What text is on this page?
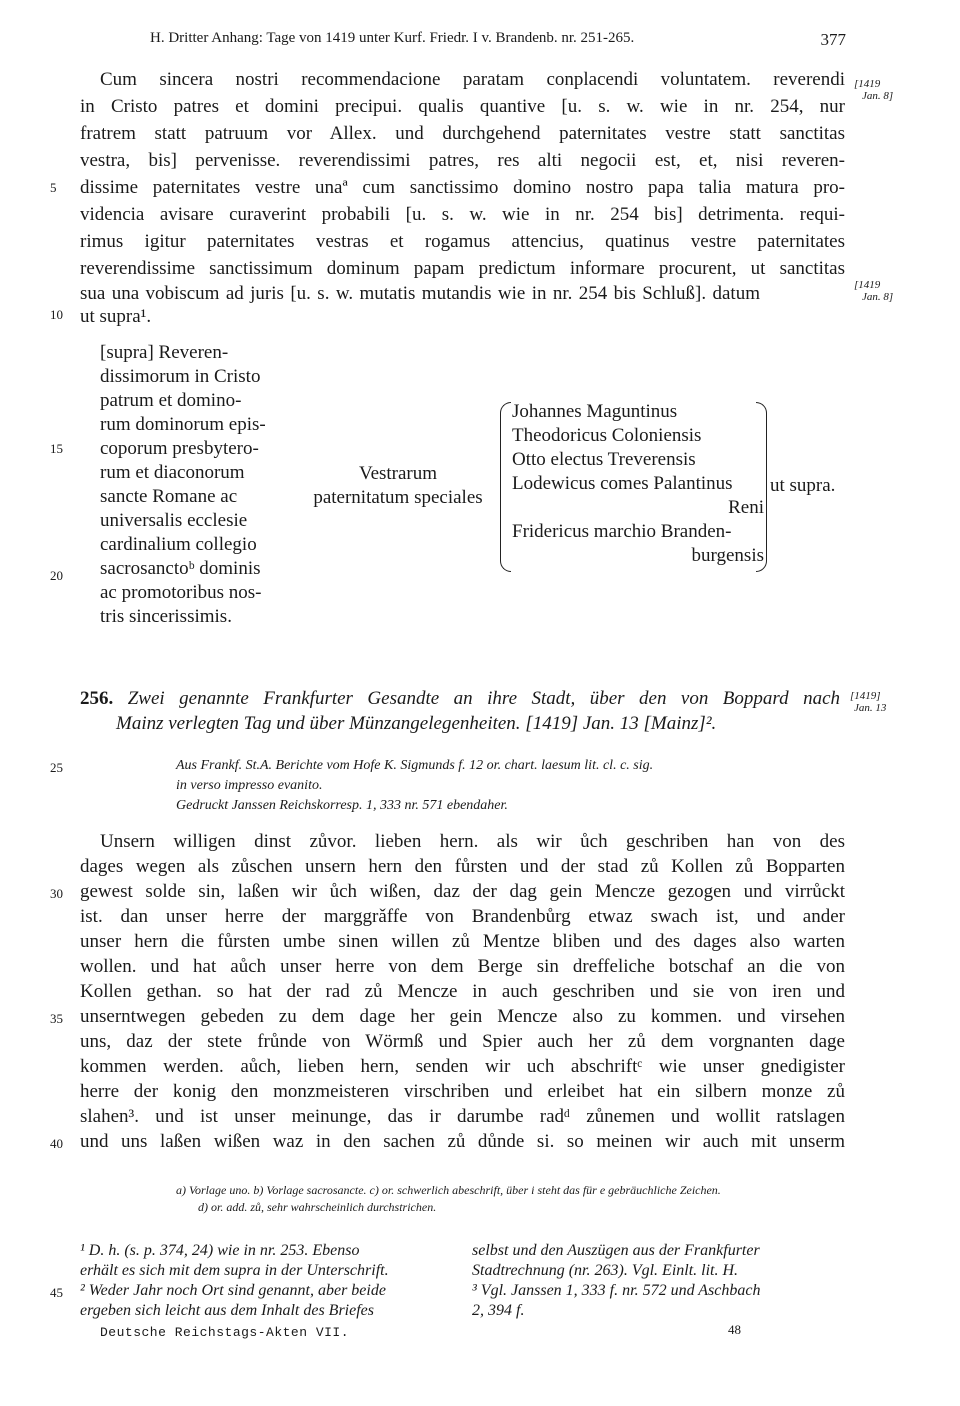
H. Dritter Anhang: Tage von 1419 unter Kurf. Friedr. I v. Brandenb. nr. 251-265.	377
Cum sincera nostri recommendacione paratam conplacendi voluntatem. reverendi
in Cristo patres et domini precipui. qualis quantive [u. s. w. wie in nr. 254, nur
fratrem statt patruum vor Allex. und durchgehend paternitates vestre statt sanctitas
vestra, bis] pervenisse. reverendissimi patres, res alti negocii est, et, nisi reveren-
dissime paternitates vestre unaª cum sanctissimo domino nostro papa talia matura pro-
videncia avisare curaverint probabili [u. s. w. wie in nr. 254 bis] detrimenta. requi-
rimus igitur paternitates vestras et rogamus attencius, quatinus vestre paternitates
reverendissime sanctissimum dominum papam predictum informare procurent, ut sanctitas
sua una vobiscum ad juris [u. s. w. mutatis mutandis wie in nr. 254 bis Schluß]. datum
ut supra¹.
[1419
Jan. 8]
[1419
Jan. 8]
[supra] Reveren-
dissimorum in Cristo
patrum et domino-
rum dominorum epis-
coporum presbytero-
rum et diaconorum
sancte Romane ac
universalis ecclesie
cardinalium collegio
sacrosanctoᵇ dominis
ac promotoribus nos-
tris sincerissimis.
Vestrarum
paternitatum speciales
Johannes Maguntinus
Theodoricus Coloniensis
Otto electus Treverensis
Lodewicus comes Palantinus
Reni
Fridericus marchio Branden-
burgensis
ut supra.
256. Zwei genannte Frankfurter Gesandte an ihre Stadt, über den von Boppard nach
Mainz verlegten Tag und über Münzangelegenheiten. [1419] Jan. 13 [Mainz]².
[1419]
Jan. 13
Aus Frankf. St.A. Berichte vom Hofe K. Sigmunds f. 12 or. chart. laesum lit. cl. c. sig.
in verso impresso evanito.
Gedruckt Janssen Reichskorresp. 1, 333 nr. 571 ebendaher.
Unsern willigen dinst zůvor. lieben hern. als wir ůch geschriben han von des
dages wegen als zůschen unsern hern den fůrsten und der stad zů Kollen zů Bopparten
gewest solde sin, laßen wir ůch wißen, daz der dag gein Mencze gezogen und virrůckt
ist. dan unser herre der marggrǎffe von Brandenbůrg etwaz swach ist, und ander
unser hern die fůrsten umbe sinen willen zů Mentze bliben und des dages also warten
wollen. und hat aůch unser herre von dem Berge sin dreffeliche botschaf an die von
Kollen gethan. so hat der rad zů Mencze in auch geschriben und sie von iren und
unserntwegen gebeden zu dem dage her gein Mencze also zu kommen. und virsehen
uns, daz der stete frůnde von Wörmß und Spier auch her zů dem vorgnanten dage
kommen werden. aůch, lieben hern, senden wir uch abschriftᶜ wie unser gnedigister
herre der konig den monzmeisteren virschriben und erleibet hat ein silbern monze zů
slahen³. und ist unser meinunge, das ir darumbe radᵈ zůnemen und wollit ratslagen
und uns laßen wißen waz in den sachen zů důnde si. so meinen wir auch mit unserm
5
10
15
20
25
30
35
40
45
a) Vorlage uno. b) Vorlage sacrosancte. c) or. schwerlich abeschrift, über i steht das für e gebräuchliche Zeichen.
d) or. add. zů, sehr wahrscheinlich durchstrichen.
¹ D. h. (s. p. 374, 24) wie in nr. 253. Ebenso
erhält es sich mit dem supra in der Unterschrift.
² Weder Jahr noch Ort sind genannt, aber beide
ergeben sich leicht aus dem Inhalt des Briefes
selbst und den Auszügen aus der Frankfurter
Stadtrechnung (nr. 263). Vgl. Einlt. lit. H.
³ Vgl. Janssen 1, 333 f. nr. 572 und Aschbach
2, 394 f.
Deutsche Reichstags-Akten VII.	48
